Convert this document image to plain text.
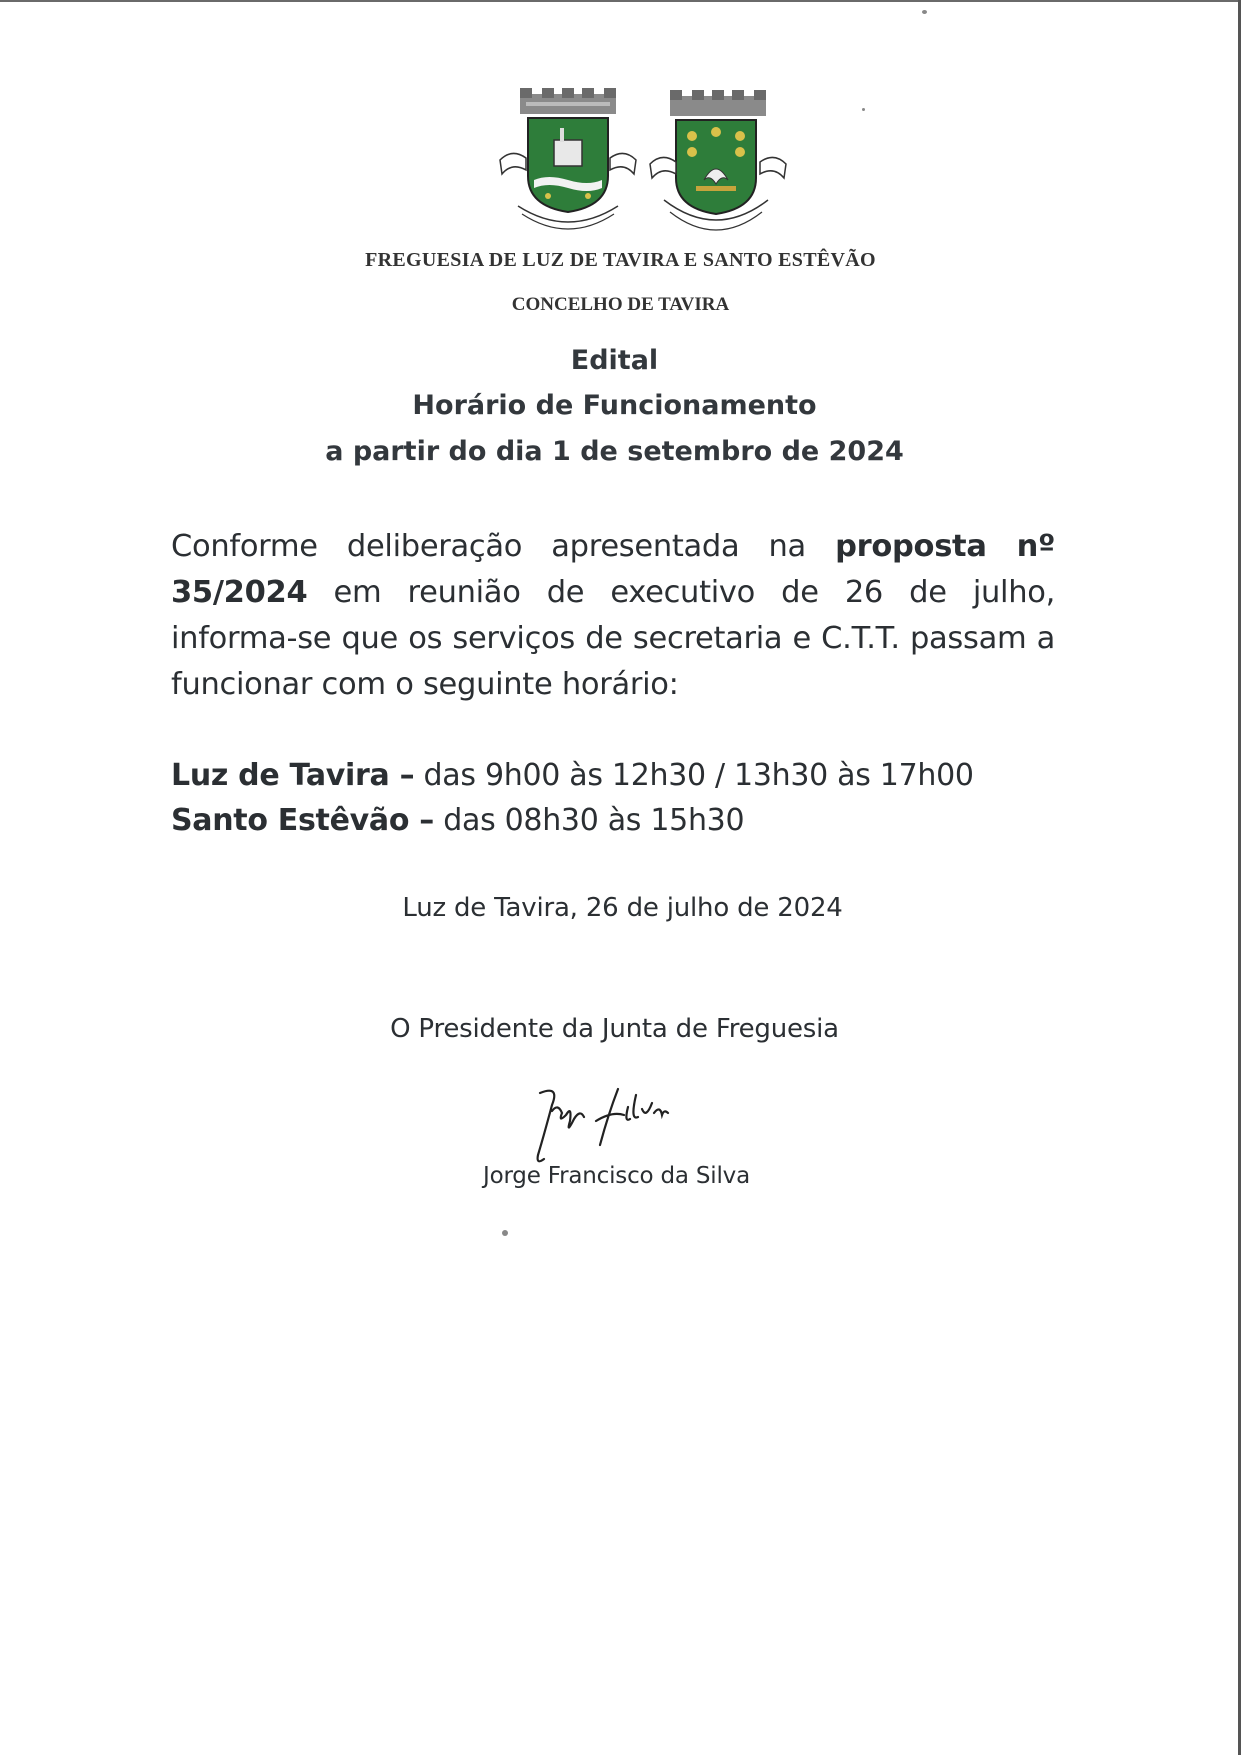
FREGUESIA DE LUZ DE TAVIRA E SANTO ESTÊVÃO
CONCELHO DE TAVIRA
Edital
Horário de Funcionamento
a partir do dia 1 de setembro de 2024
Conforme deliberação apresentada na proposta nº 35/2024 em reunião de executivo de 26 de julho, informa-se que os serviços de secretaria e C.T.T. passam a funcionar com o seguinte horário:
Luz de Tavira – das 9h00 às 12h30 / 13h30 às 17h00
Santo Estêvão – das 08h30 às 15h30
Luz de Tavira, 26 de julho de 2024
O Presidente da Junta de Freguesia
Jorge Francisco da Silva
